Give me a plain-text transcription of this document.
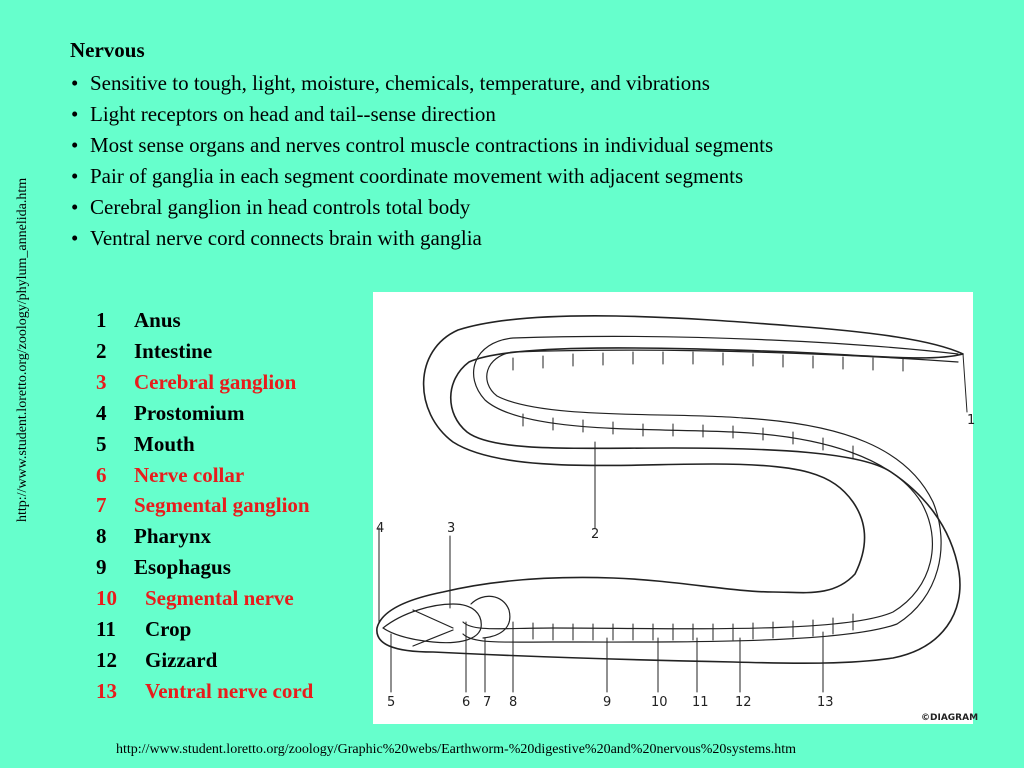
Nervous
• Sensitive to tough, light, moisture, chemicals, temperature, and vibrations
• Light receptors on head and tail--sense direction
• Most sense organs and nerves control muscle contractions in individual segments
• Pair of ganglia in each segment coordinate movement with adjacent segments
• Cerebral ganglion in head controls total body
• Ventral nerve cord connects brain with ganglia
http://www.student.loretto.org/zoology/phylum_annelida.htm	1 Anus
2 Intestine
3 Cerebral ganglion
4 Prostomium
5 Mouth
6 Nerve collar
7 Segmental ganglion
8 Pharynx
9 Esophagus
10 Segmental nerve
11 Crop
12 Gizzard
13 Ventral nerve cord
1
2
3
4
5	6 7 8	9	10 11 12	13
©DIAGRAM
http://www.student.loretto.org/zoology/Graphic%20webs/Earthworm-%20digestive%20and%20nervous%20systems.htm
